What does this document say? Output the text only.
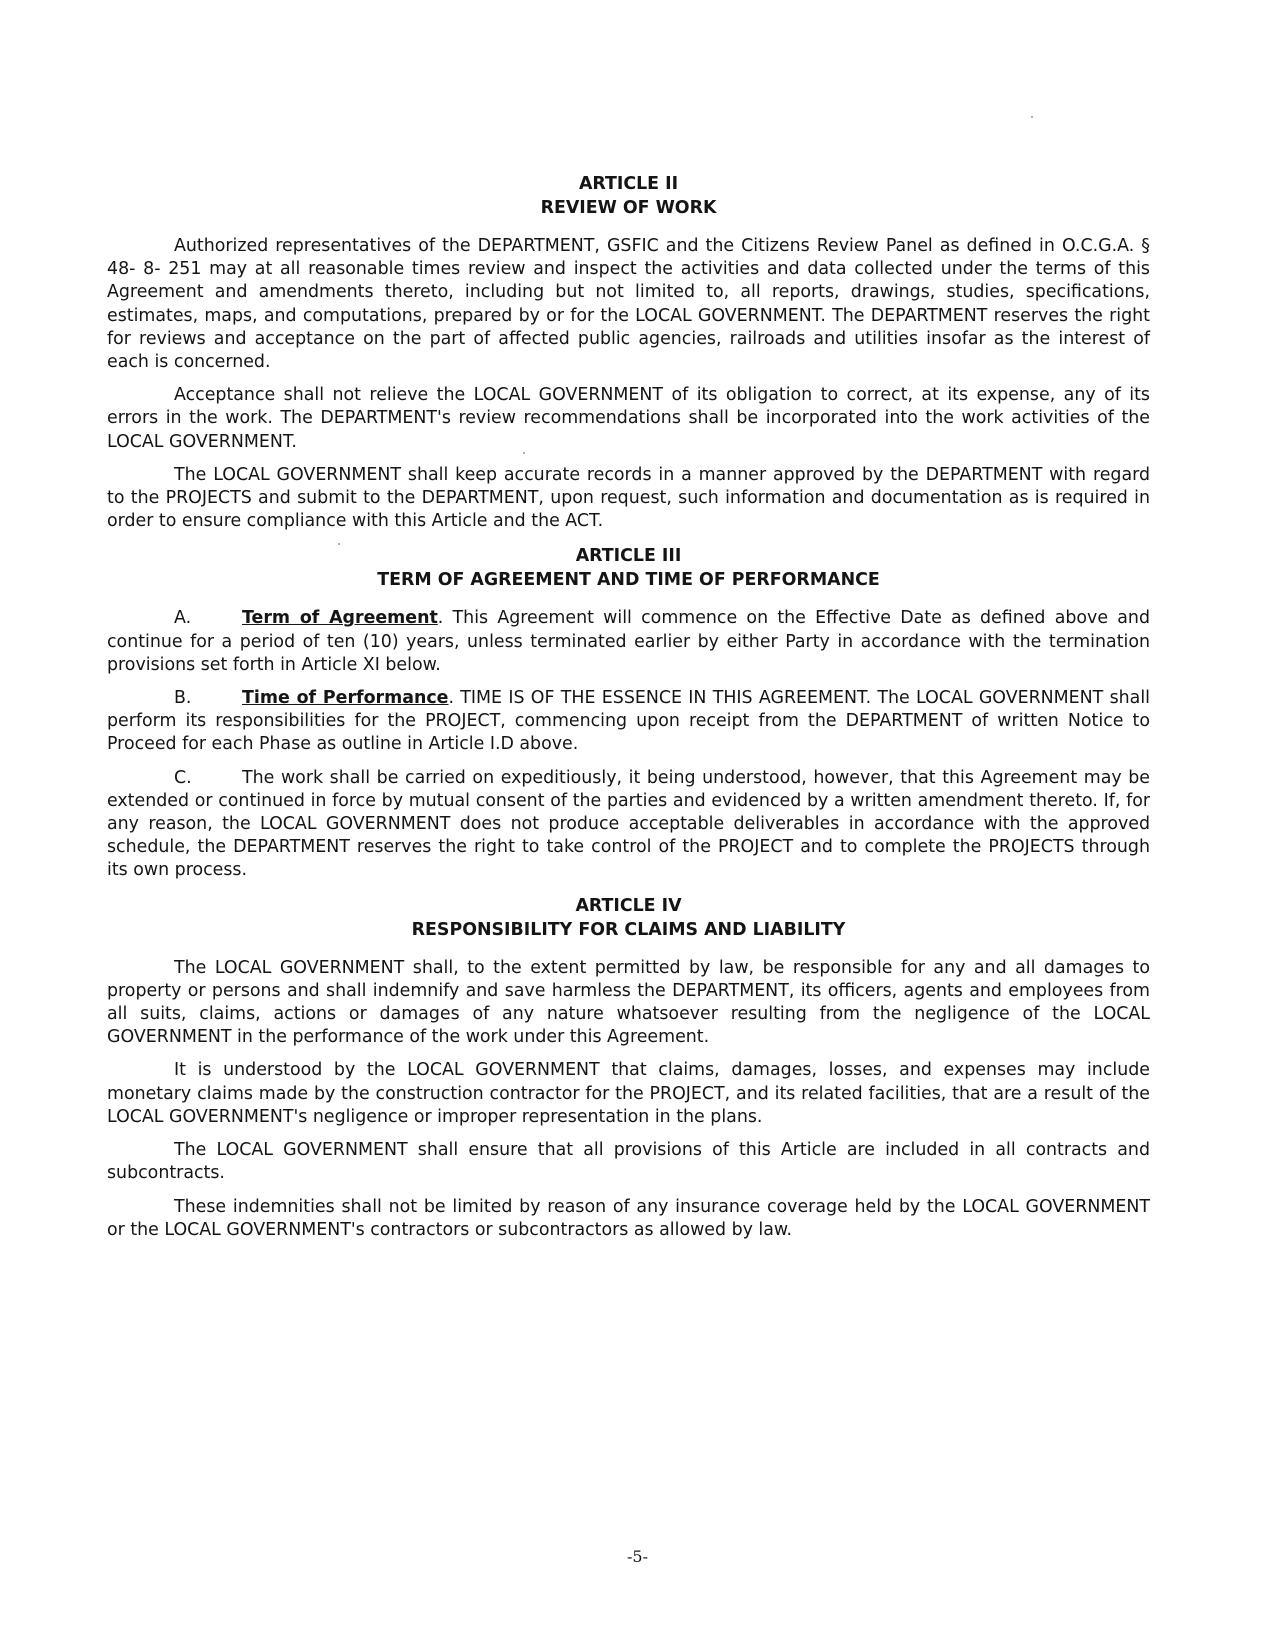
ARTICLE II
REVIEW OF WORK

Authorized representatives of the DEPARTMENT, GSFIC and the Citizens Review Panel as defined in O.C.G.A. § 48- 8- 251 may at all reasonable times review and inspect the activities and data collected under the terms of this Agreement and amendments thereto, including but not limited to, all reports, drawings, studies, specifications, estimates, maps, and computations, prepared by or for the LOCAL GOVERNMENT. The DEPARTMENT reserves the right for reviews and acceptance on the part of affected public agencies, railroads and utilities insofar as the interest of each is concerned.

Acceptance shall not relieve the LOCAL GOVERNMENT of its obligation to correct, at its expense, any of its errors in the work. The DEPARTMENT's review recommendations shall be incorporated into the work activities of the LOCAL GOVERNMENT.

The LOCAL GOVERNMENT shall keep accurate records in a manner approved by the DEPARTMENT with regard to the PROJECTS and submit to the DEPARTMENT, upon request, such information and documentation as is required in order to ensure compliance with this Article and the ACT.

ARTICLE III
TERM OF AGREEMENT AND TIME OF PERFORMANCE

A.	Term of Agreement. This Agreement will commence on the Effective Date as defined above and continue for a period of ten (10) years, unless terminated earlier by either Party in accordance with the termination provisions set forth in Article XI below.

B.	Time of Performance. TIME IS OF THE ESSENCE IN THIS AGREEMENT. The LOCAL GOVERNMENT shall perform its responsibilities for the PROJECT, commencing upon receipt from the DEPARTMENT of written Notice to Proceed for each Phase as outline in Article I.D above.

C.	The work shall be carried on expeditiously, it being understood, however, that this Agreement may be extended or continued in force by mutual consent of the parties and evidenced by a written amendment thereto. If, for any reason, the LOCAL GOVERNMENT does not produce acceptable deliverables in accordance with the approved schedule, the DEPARTMENT reserves the right to take control of the PROJECT and to complete the PROJECTS through its own process.

ARTICLE IV
RESPONSIBILITY FOR CLAIMS AND LIABILITY

The LOCAL GOVERNMENT shall, to the extent permitted by law, be responsible for any and all damages to property or persons and shall indemnify and save harmless the DEPARTMENT, its officers, agents and employees from all suits, claims, actions or damages of any nature whatsoever resulting from the negligence of the LOCAL GOVERNMENT in the performance of the work under this Agreement.

It is understood by the LOCAL GOVERNMENT that claims, damages, losses, and expenses may include monetary claims made by the construction contractor for the PROJECT, and its related facilities, that are a result of the LOCAL GOVERNMENT's negligence or improper representation in the plans.

The LOCAL GOVERNMENT shall ensure that all provisions of this Article are included in all contracts and subcontracts.

These indemnities shall not be limited by reason of any insurance coverage held by the LOCAL GOVERNMENT or the LOCAL GOVERNMENT's contractors or subcontractors as allowed by law.

-5-
